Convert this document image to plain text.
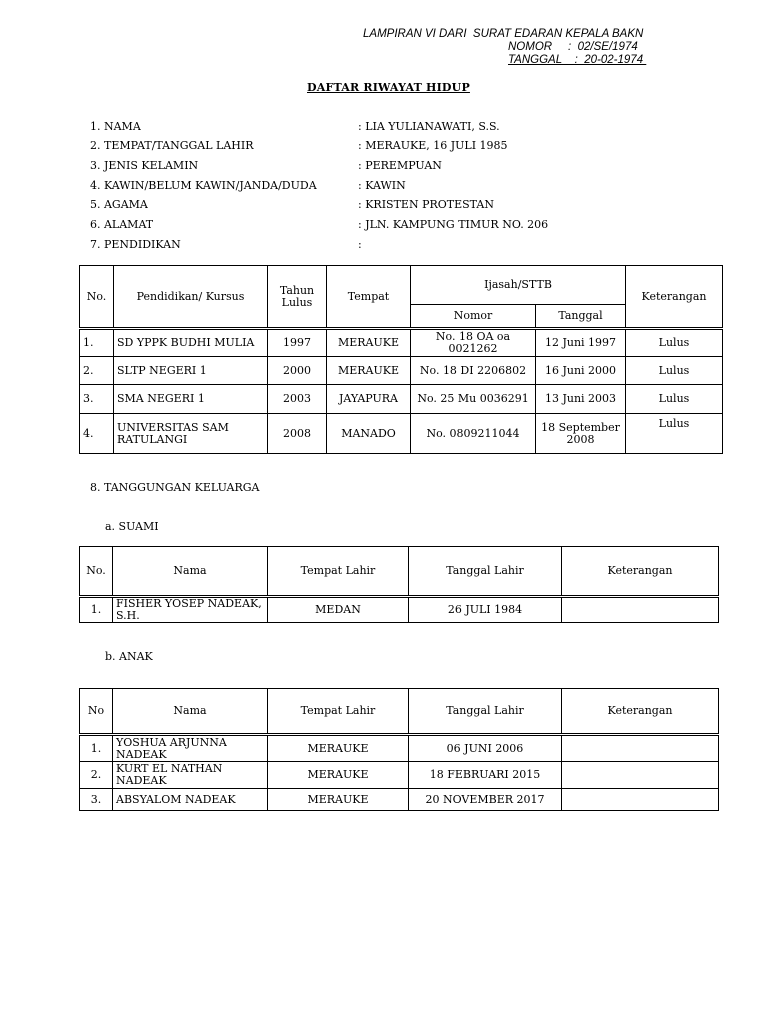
LAMPIRAN VI DARI  SURAT EDARAN KEPALA BAKN
NOMOR     :  02/SE/1974
TANGGAL    :  20-02-1974
DAFTAR RIWAYAT HIDUP
1. NAMA	: LIA YULIANAWATI, S.S.
2. TEMPAT/TANGGAL LAHIR	: MERAUKE, 16 JULI 1985
3. JENIS KELAMIN	: PEREMPUAN
4. KAWIN/BELUM KAWIN/JANDA/DUDA	: KAWIN
5. AGAMA	: KRISTEN PROTESTAN
6. ALAMAT	: JLN. KAMPUNG TIMUR NO. 206
7. PENDIDIKAN	:
No.	Pendidikan/ Kursus	Tahun Lulus	Tempat	Ijasah/STTB		Keterangan
				Nomor	Tanggal	
1.	SD YPPK BUDHI MULIA	1997	MERAUKE	No. 18 OA oa 0021262	12 Juni 1997	Lulus
2.	SLTP NEGERI 1	2000	MERAUKE	No. 18 DI 2206802	16 Juni 2000	Lulus
3.	SMA NEGERI 1	2003	JAYAPURA	No. 25 Mu 0036291	13 Juni 2003	Lulus
4.	UNIVERSITAS SAM RATULANGI	2008	MANADO	No. 0809211044	18 September 2008	Lulus
8. TANGGUNGAN KELUARGA
a. SUAMI
No.	Nama	Tempat Lahir	Tanggal Lahir	Keterangan
1.	FISHER YOSEP NADEAK, S.H.	MEDAN	26 JULI 1984	
b. ANAK
No	Nama	Tempat Lahir	Tanggal Lahir	Keterangan
1.	YOSHUA ARJUNNA NADEAK	MERAUKE	06 JUNI 2006	
2.	KURT EL NATHAN NADEAK	MERAUKE	18 FEBRUARI 2015	
3.	ABSYALOM NADEAK	MERAUKE	20 NOVEMBER 2017	
